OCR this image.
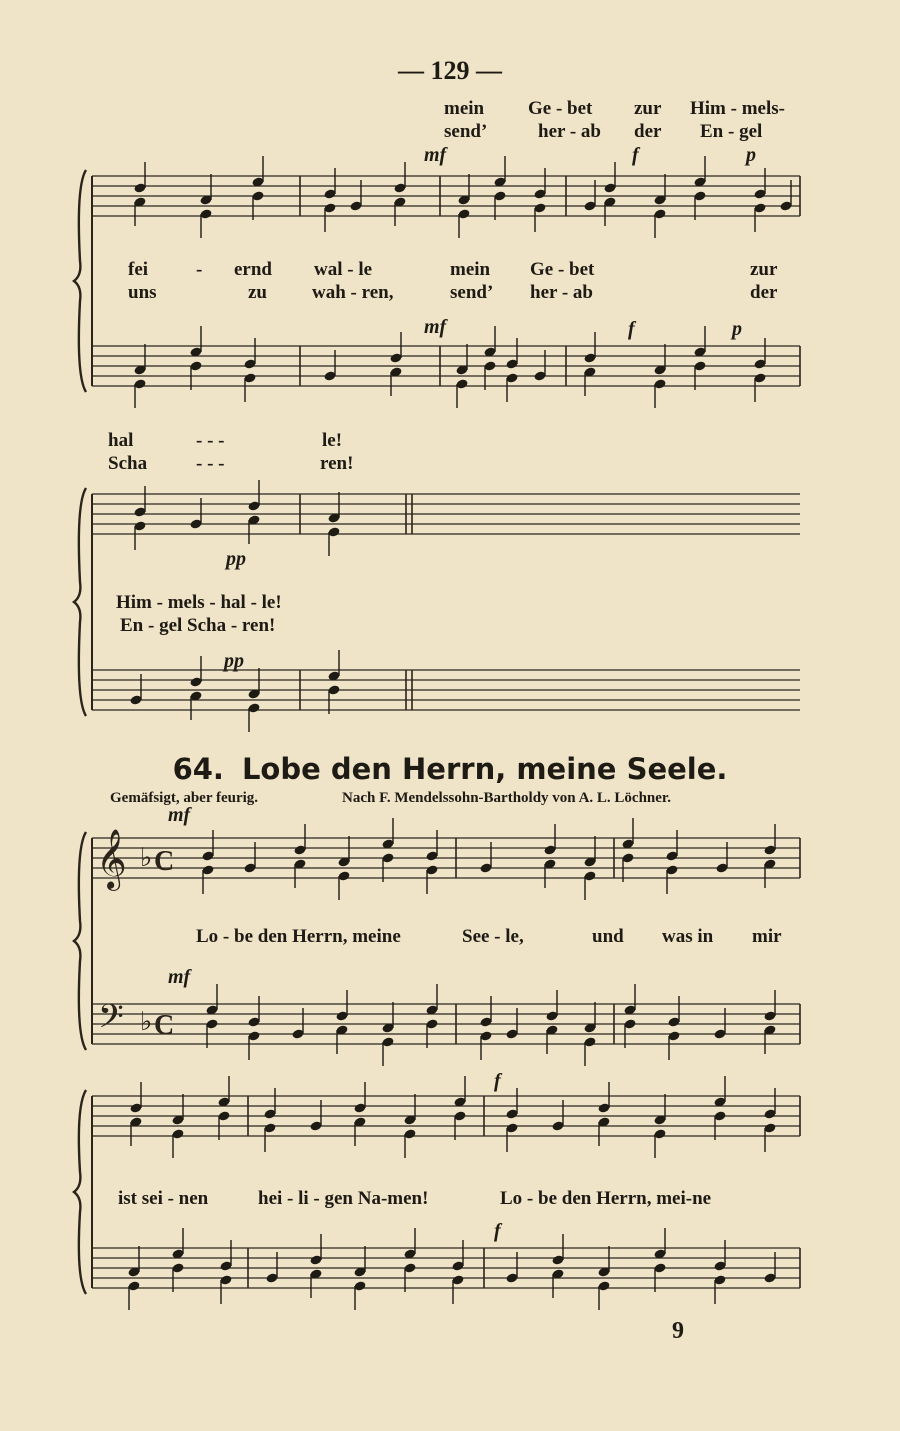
— 129 —
mein
send’
Ge - bet
her - ab
zur
der
Him - mels-
En - gel
mf	f	p
fei
uns
- ernd
zu
wal - le
wah - ren,
mein
send’
Ge - bet
her - ab
zur
der
mf	f	p
hal
Scha
- - -
- - -
le!
ren!
pp
Him - mels - hal - le!
En - gel Scha - ren!
pp
64. Lobe den Herrn, meine Seele.
Gemäfsigt, aber feurig.	Nach F. Mendelssohn-Bartholdy von A. L. Löchner.
mf
mf
Lo - be den Herrn, meine	See - le,	und was in mir
f
ist sei - nen	hei - li - gen Na-men!	Lo - be den Herrn, mei-ne
f
9
𝄞
𝄢
♭
♭
C
C
